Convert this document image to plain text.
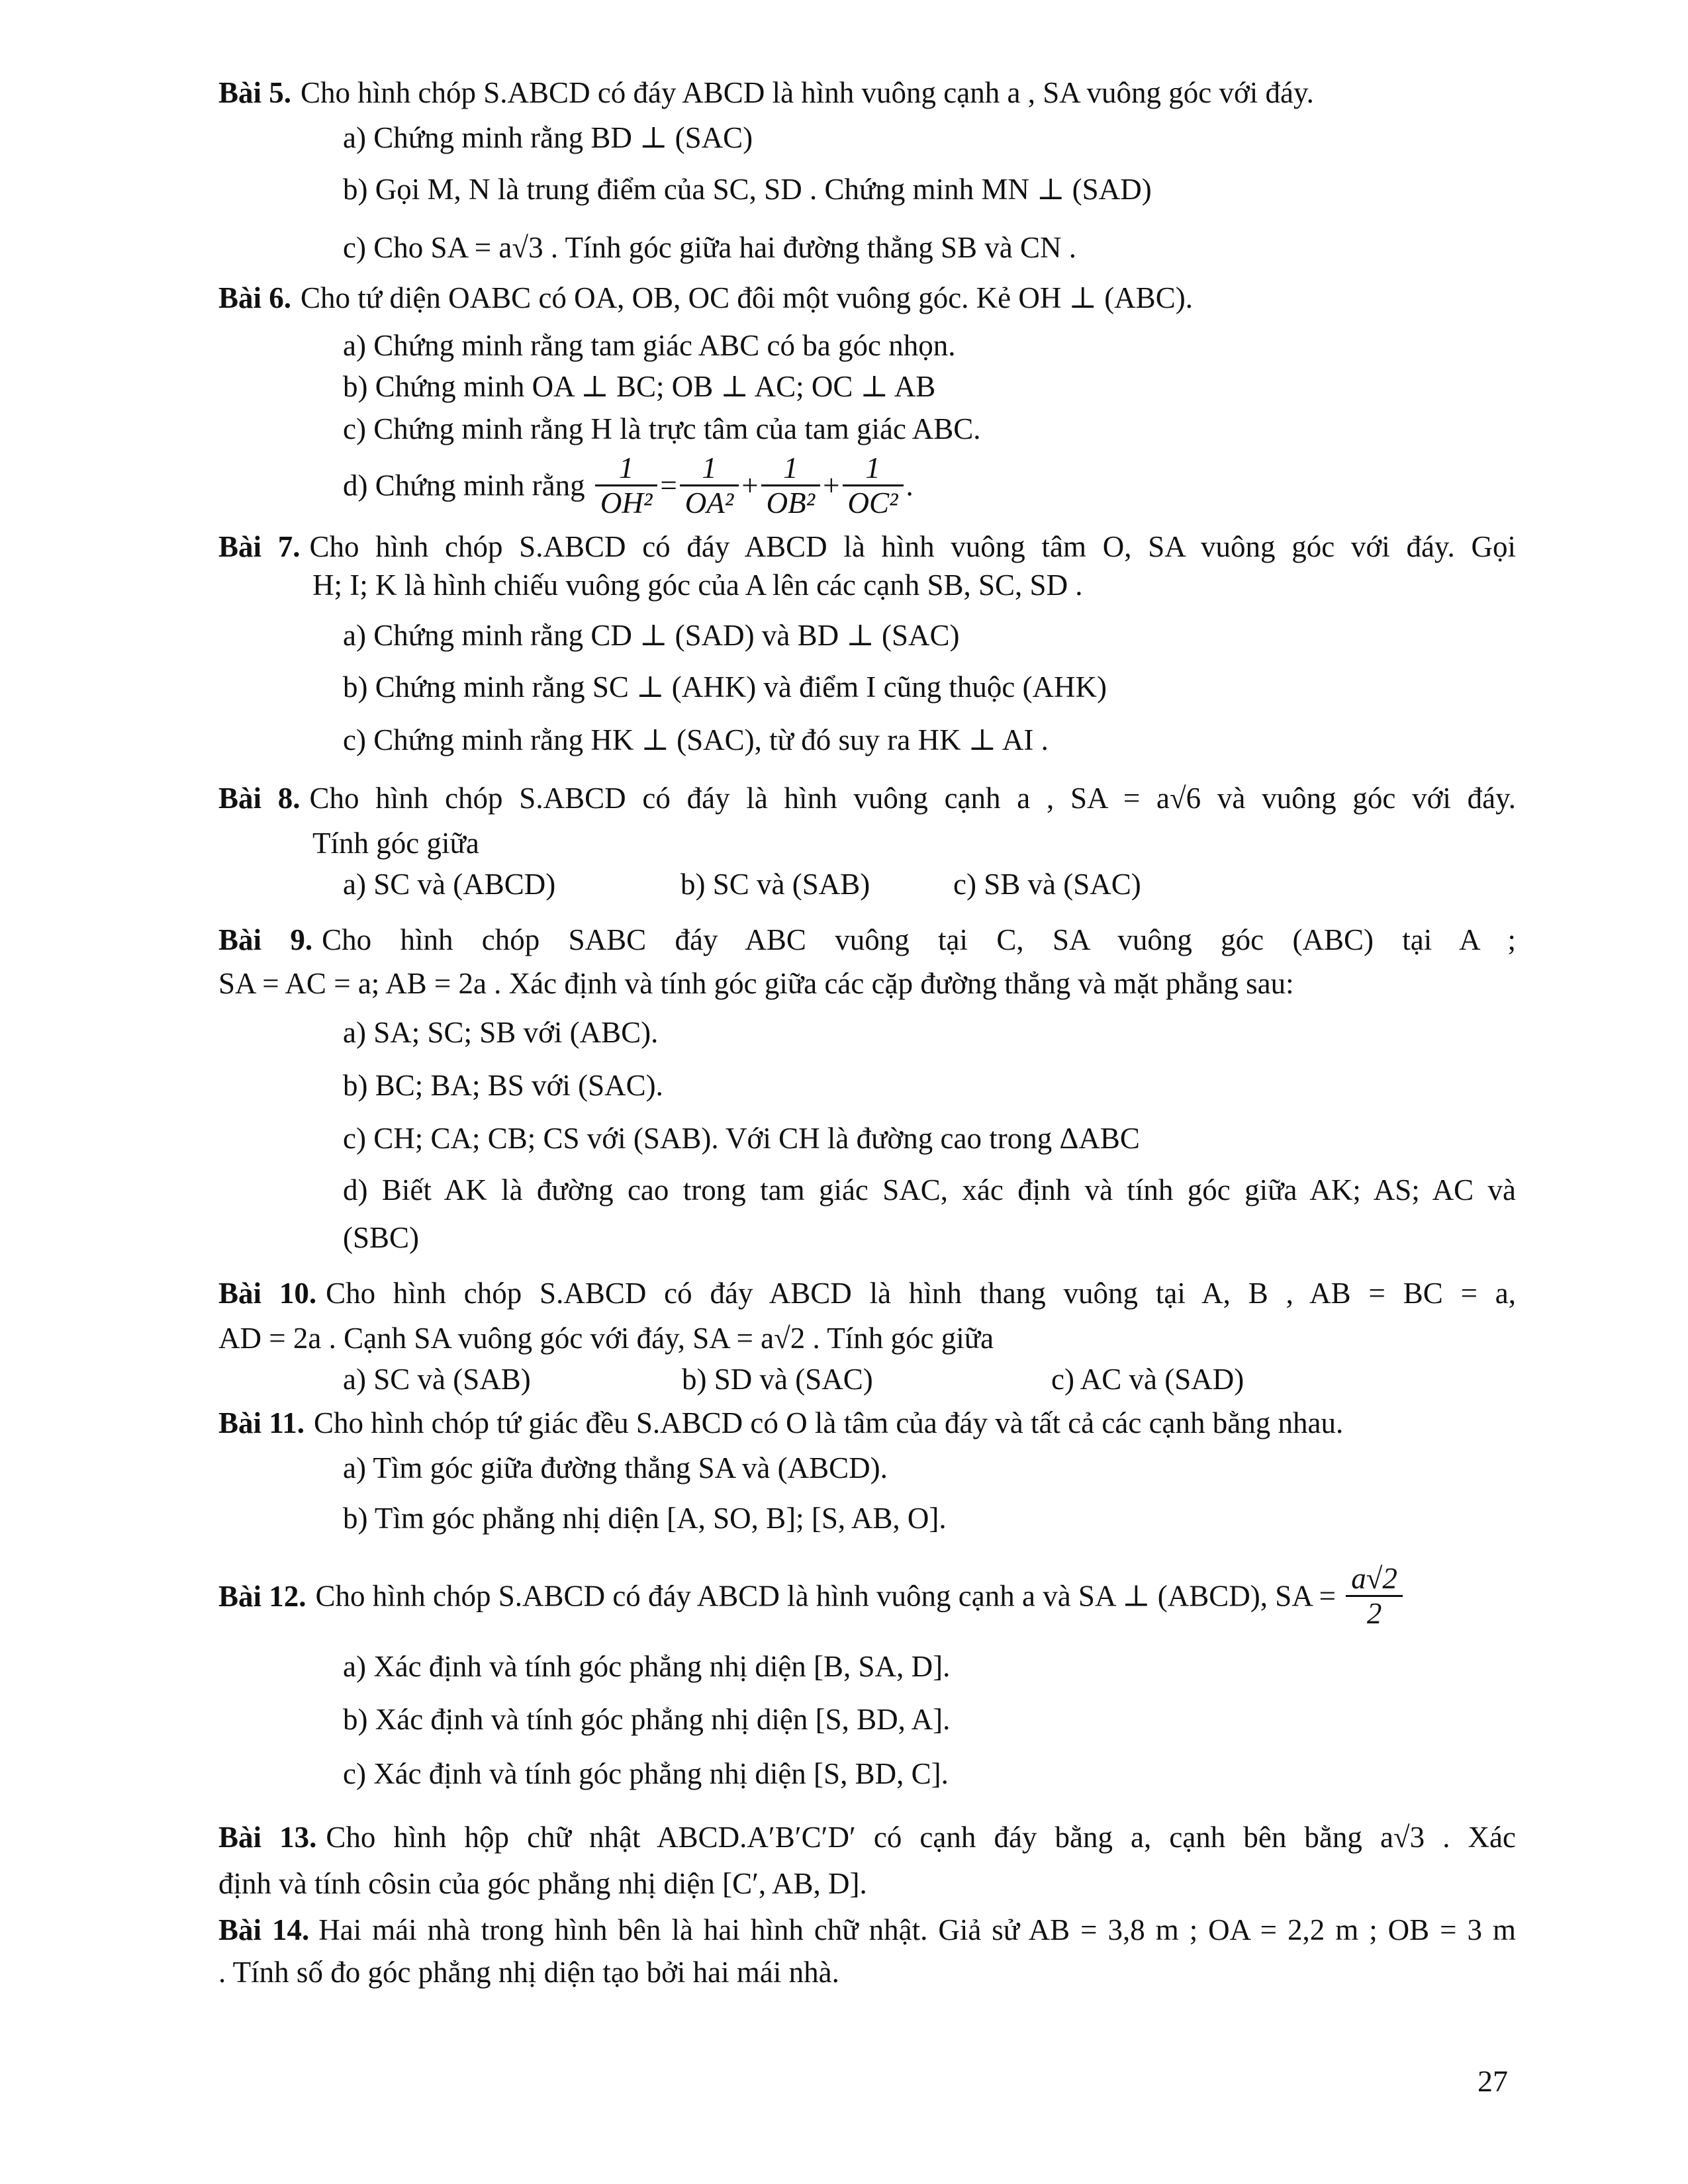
Bài 5. Cho hình chóp S.ABCD có đáy ABCD là hình vuông cạnh a , SA vuông góc với đáy.
a) Chứng minh rằng BD ⊥ (SAC)
b) Gọi M, N là trung điểm của SC, SD . Chứng minh MN ⊥ (SAD)
c) Cho SA = a√3 . Tính góc giữa hai đường thẳng SB và CN .
Bài 6. Cho tứ diện OABC có OA, OB, OC đôi một vuông góc. Kẻ OH ⊥ (ABC).
a) Chứng minh rằng tam giác ABC có ba góc nhọn.
b) Chứng minh OA ⊥ BC; OB ⊥ AC; OC ⊥ AB
c) Chứng minh rằng H là trực tâm của tam giác ABC.
d) Chứng minh rằng $\frac{1}{\text{OH²}} = \frac{1}{\text{OA²}} + \frac{1}{\text{OB²}} + \frac{1}{\text{OC²}}$ .
Bài 7. Cho hình chóp S.ABCD có đáy ABCD là hình vuông tâm O, SA vuông góc với đáy. Gọi
H; I; K là hình chiếu vuông góc của A lên các cạnh SB, SC, SD .
a) Chứng minh rằng CD ⊥ (SAD) và BD ⊥ (SAC)
b) Chứng minh rằng SC ⊥ (AHK) và điểm I cũng thuộc (AHK)
c) Chứng minh rằng HK ⊥ (SAC), từ đó suy ra HK ⊥ AI .
Bài 8. Cho hình chóp S.ABCD có đáy là hình vuông cạnh a , SA = a√6 và vuông góc với đáy.
Tính góc giữa
a) SC và (ABCD)	b) SC và (SAB)	c) SB và (SAC)
Bài 9. Cho hình chóp SABC đáy ABC vuông tại C, SA vuông góc (ABC) tại A ;
SA = AC = a; AB = 2a . Xác định và tính góc giữa các cặp đường thẳng và mặt phẳng sau:
a) SA; SC; SB với (ABC).
b) BC; BA; BS với (SAC).
c) CH; CA; CB; CS với (SAB). Với CH là đường cao trong ΔABC
d) Biết AK là đường cao trong tam giác SAC, xác định và tính góc giữa AK; AS; AC và
(SBC)
Bài 10. Cho hình chóp S.ABCD có đáy ABCD là hình thang vuông tại A, B , AB = BC = a,
AD = 2a . Cạnh SA vuông góc với đáy, SA = a√2 . Tính góc giữa
a) SC và (SAB)	b) SD và (SAC)	c) AC và (SAD)
Bài 11. Cho hình chóp tứ giác đều S.ABCD có O là tâm của đáy và tất cả các cạnh bằng nhau.
a) Tìm góc giữa đường thẳng SA và (ABCD).
b) Tìm góc phẳng nhị diện [A, SO, B]; [S, AB, O].
Bài 12. Cho hình chóp S.ABCD có đáy ABCD là hình vuông cạnh a và SA ⊥ (ABCD), SA = $\frac{a√2}{2}$
a) Xác định và tính góc phẳng nhị diện [B, SA, D].
b) Xác định và tính góc phẳng nhị diện [S, BD, A].
c) Xác định và tính góc phẳng nhị diện [S, BD, C].
Bài 13. Cho hình hộp chữ nhật ABCD.A′B′C′D′ có cạnh đáy bằng a, cạnh bên bằng a√3 . Xác
định và tính côsin của góc phẳng nhị diện [C′, AB, D].
Bài 14. Hai mái nhà trong hình bên là hai hình chữ nhật. Giả sử AB = 3,8 m ; OA = 2,2 m ; OB = 3 m
. Tính số đo góc phẳng nhị diện tạo bởi hai mái nhà.
27
